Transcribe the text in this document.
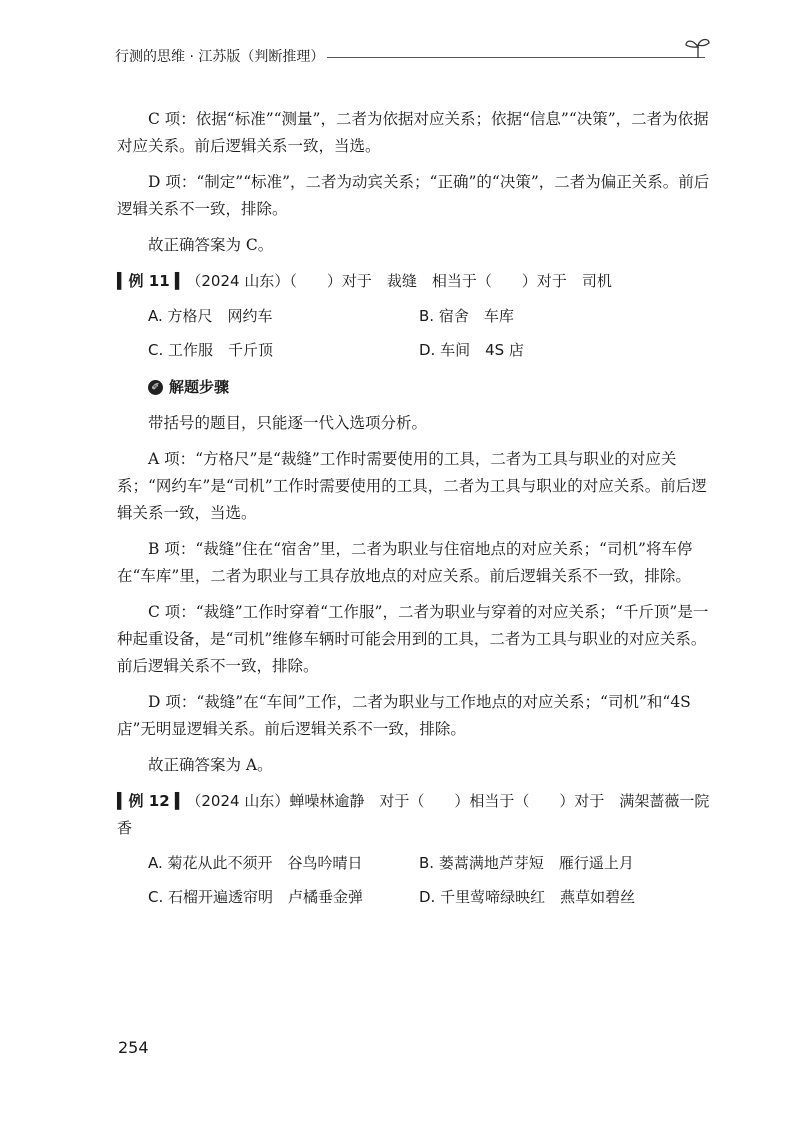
行测的思维 · 江苏版（判断推理）

C 项：依据“标准”“测量”，二者为依据对应关系；依据“信息”“决策”，二者为依据对应关系。前后逻辑关系一致，当选。

D 项：“制定”“标准”，二者为动宾关系；“正确”的“决策”，二者为偏正关系。前后逻辑关系不一致，排除。

故正确答案为 C。

▍例 11 ▍ （2024 山东）（　　）对于　裁缝　相当于（　　）对于　司机
A. 方格尺　网约车	B. 宿舍　车库
C. 工作服　千斤顶	D. 车间　4S 店
✐ 解题步骤

带括号的题目，只能逐一代入选项分析。

A 项：“方格尺”是“裁缝”工作时需要使用的工具，二者为工具与职业的对应关系；“网约车”是“司机”工作时需要使用的工具，二者为工具与职业的对应关系。前后逻辑关系一致，当选。

B 项：“裁缝”住在“宿舍”里，二者为职业与住宿地点的对应关系；“司机”将车停在“车库”里，二者为职业与工具存放地点的对应关系。前后逻辑关系不一致，排除。

C 项：“裁缝”工作时穿着“工作服”，二者为职业与穿着的对应关系；“千斤顶”是一种起重设备，是“司机”维修车辆时可能会用到的工具，二者为工具与职业的对应关系。前后逻辑关系不一致，排除。

D 项：“裁缝”在“车间”工作，二者为职业与工作地点的对应关系；“司机”和“4S 店”无明显逻辑关系。前后逻辑关系不一致，排除。

故正确答案为 A。

▍例 12 ▍（2024 山东）蝉噪林逾静　对于（　　）相当于（　　）对于　满架蔷薇一院香
A. 菊花从此不须开　谷鸟吟晴日	B. 蒌蒿满地芦芽短　雁行遥上月
C. 石榴开遍透帘明　卢橘垂金弹	D. 千里莺啼绿映红　燕草如碧丝
254
